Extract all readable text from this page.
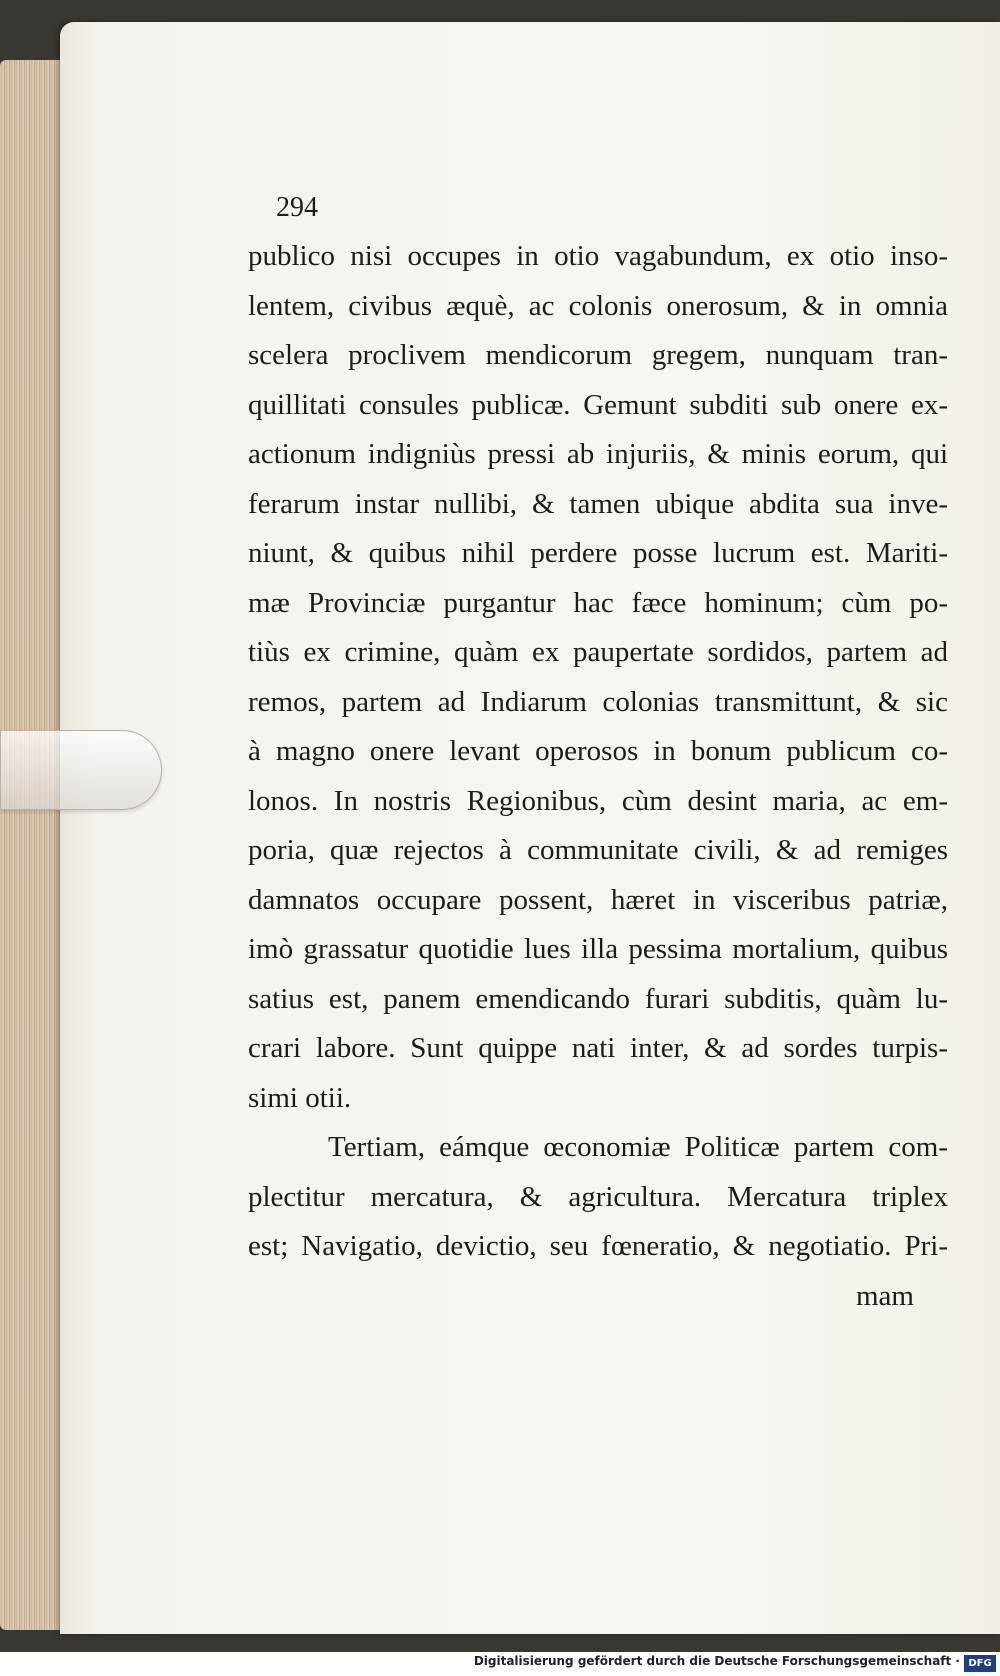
294
publico nisi occupes in otio vagabundum, ex otio inso-
lentem, civibus æquè, ac colonis onerosum, & in omnia
scelera proclivem mendicorum gregem, nunquam tran-
quillitati consules publicæ. Gemunt subditi sub onere ex-
actionum indigniùs pressi ab injuriis, & minis eorum, qui
ferarum instar nullibi, & tamen ubique abdita sua inve-
niunt, & quibus nihil perdere posse lucrum est. Mariti-
mæ Provinciæ purgantur hac fæce hominum; cùm po-
tiùs ex crimine, quàm ex paupertate sordidos, partem ad
remos, partem ad Indiarum colonias transmittunt, & sic
à magno onere levant operosos in bonum publicum co-
lonos. In nostris Regionibus, cùm desint maria, ac em-
poria, quæ rejectos à communitate civili, & ad remiges
damnatos occupare possent, hæret in visceribus patriæ,
imò grassatur quotidie lues illa pessima mortalium, quibus
satius est, panem emendicando furari subditis, quàm lu-
crari labore. Sunt quippe nati inter, & ad sordes turpis-
simi otii.
Tertiam, eámque œconomiæ Politicæ partem com-
plectitur mercatura, & agricultura. Mercatura triplex
est; Navigatio, devictio, seu fœneratio, & negotiatio. Pri-
mam
Digitalisierung gefördert durch die Deutsche Forschungsgemeinschaft · DFG
